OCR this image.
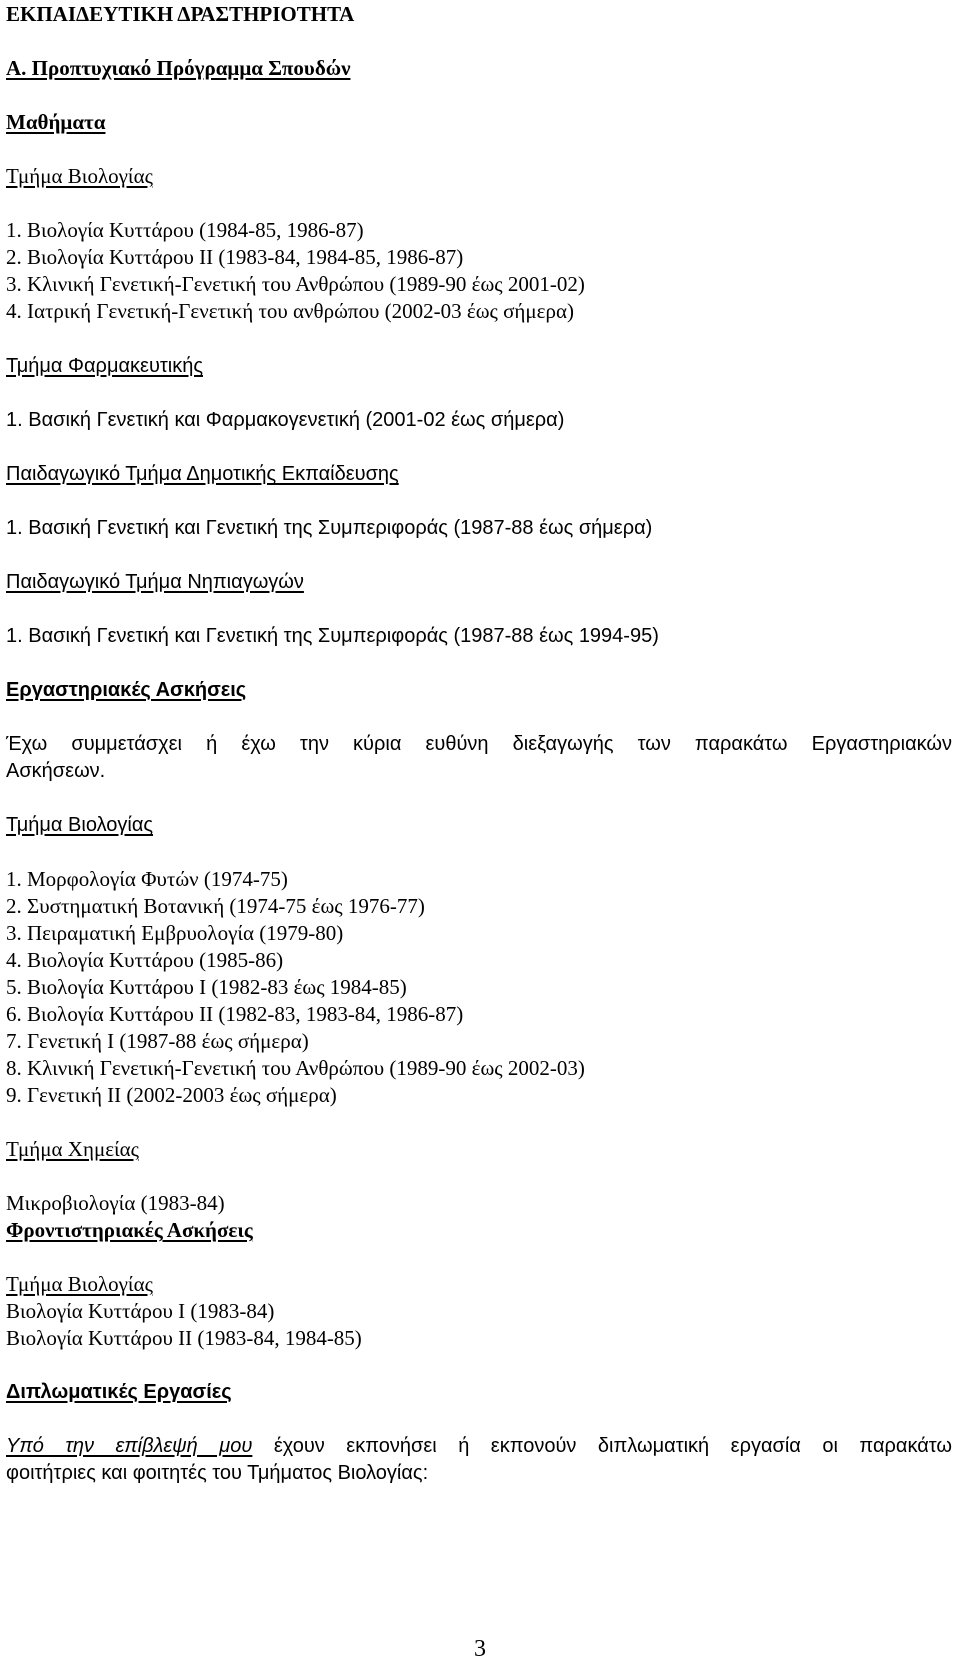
ΕΚΠΑΙΔΕΥΤΙΚΗ ΔΡΑΣΤΗΡΙΟΤΗΤΑ
Α. Προπτυχιακό Πρόγραμμα Σπουδών
Μαθήματα
Τμήμα Βιολογίας
1. Βιολογία Κυττάρου (1984-85, 1986-87)
2. Βιολογία Κυττάρου ΙΙ (1983-84, 1984-85, 1986-87)
3. Κλινική Γενετική-Γενετική του Ανθρώπου (1989-90 έως 2001-02)
4. Ιατρική Γενετική-Γενετική του ανθρώπου (2002-03 έως σήμερα)
Τμήμα Φαρμακευτικής
1. Βασική Γενετική και Φαρμακογενετική (2001-02 έως σήμερα)
Παιδαγωγικό Τμήμα Δημοτικής Εκπαίδευσης
1. Βασική Γενετική και Γενετική της Συμπεριφοράς (1987-88 έως σήμερα)
Παιδαγωγικό Τμήμα Νηπιαγωγών
1. Βασική Γενετική και Γενετική της Συμπεριφοράς (1987-88 έως 1994-95)
Εργαστηριακές Ασκήσεις
Έχω συμμετάσχει ή έχω την κύρια ευθύνη διεξαγωγής των παρακάτω Εργαστηριακών
Ασκήσεων.
Τμήμα Βιολογίας
1. Μορφολογία Φυτών (1974-75)
2. Συστηματική Βοτανική (1974-75 έως 1976-77)
3. Πειραματική Εμβρυολογία (1979-80)
4. Βιολογία Κυττάρου (1985-86)
5. Βιολογία Κυττάρου Ι (1982-83 έως 1984-85)
6. Βιολογία Κυττάρου ΙΙ (1982-83, 1983-84, 1986-87)
7. Γενετική Ι (1987-88 έως σήμερα)
8. Κλινική Γενετική-Γενετική του Ανθρώπου (1989-90 έως 2002-03)
9. Γενετική ΙΙ (2002-2003 έως σήμερα)
Τμήμα Χημείας
Μικροβιολογία (1983-84)
Φροντιστηριακές Ασκήσεις
Τμήμα Βιολογίας
Βιολογία Κυττάρου Ι (1983-84)
Βιολογία Κυττάρου ΙΙ (1983-84, 1984-85)
Διπλωματικές Εργασίες
Υπό την επίβλεψή μου έχουν εκπονήσει ή εκπονούν διπλωματική εργασία οι παρακάτω
φοιτήτριες και φοιτητές του Τμήματος Βιολογίας:
3
